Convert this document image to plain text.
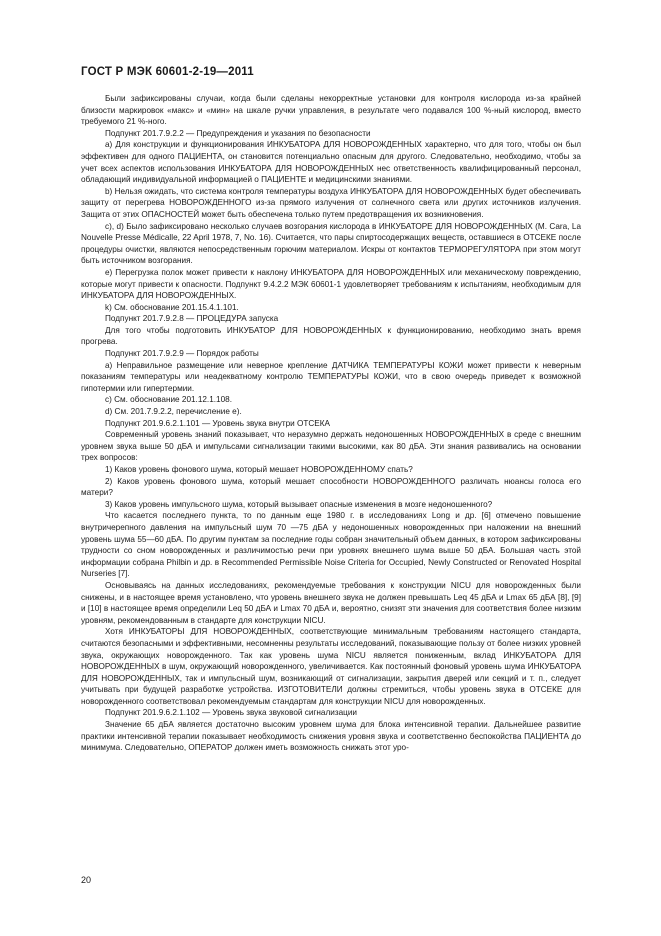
ГОСТ Р МЭК 60601-2-19—2011

Были зафиксированы случаи, когда были сделаны некорректные установки для контроля кислорода из-за крайней близости маркировок «макс» и «мин» на шкале ручки управления, в результате чего подавался 100 %-ный кислород, вместо требуемого 21 %-ного.

Подпункт 201.7.9.2.2 — Предупреждения и указания по безопасности

а) Для конструкции и функционирования ИНКУБАТОРА ДЛЯ НОВОРОЖДЕННЫХ характерно, что для того, чтобы он был эффективен для одного ПАЦИЕНТА, он становится потенциально опасным для другого. Следовательно, необходимо, чтобы за учет всех аспектов использования ИНКУБАТОРА ДЛЯ НОВОРОЖДЕННЫХ нес ответственность квалифицированный персонал, обладающий индивидуальной информацией о ПАЦИЕНТЕ и медицинскими знаниями.

b) Нельзя ожидать, что система контроля температуры воздуха ИНКУБАТОРА ДЛЯ НОВОРОЖДЕННЫХ будет обеспечивать защиту от перегрева НОВОРОЖДЕННОГО из-за прямого излучения от солнечного света или других источников излучения. Защита от этих ОПАСНОСТЕЙ может быть обеспечена только путем предотвращения их возникновения.

с), d) Было зафиксировано несколько случаев возгорания кислорода в ИНКУБАТОРЕ ДЛЯ НОВОРОЖДЕННЫХ (M. Cara, La Nouvelle Presse Médicalle, 22 April 1978, 7, No. 16). Считается, что пары спиртосодержащих веществ, оставшиеся в ОТСЕКЕ после процедуры очистки, являются непосредственным горючим материалом. Искры от контактов ТЕРМОРЕГУЛЯТОРА при этом могут быть источником возгорания.

е) Перегрузка полок может привести к наклону ИНКУБАТОРА ДЛЯ НОВОРОЖДЕННЫХ или механическому повреждению, которые могут привести к опасности. Подпункт 9.4.2.2 МЭК 60601-1 удовлетворяет требованиям к испытаниям, необходимым для ИНКУБАТОРА ДЛЯ НОВОРОЖДЕННЫХ.

k) См. обоснование 201.15.4.1.101.

Подпункт 201.7.9.2.8 — ПРОЦЕДУРА запуска

Для того чтобы подготовить ИНКУБАТОР ДЛЯ НОВОРОЖДЕННЫХ к функционированию, необходимо знать время прогрева.

Подпункт 201.7.9.2.9 — Порядок работы

а) Неправильное размещение или неверное крепление ДАТЧИКА ТЕМПЕРАТУРЫ КОЖИ может привести к неверным показаниям температуры или неадекватному контролю ТЕМПЕРАТУРЫ КОЖИ, что в свою очередь приведет к возможной гипотермии или гипертермии.

с) См. обоснование 201.12.1.108.

d) См. 201.7.9.2.2, перечисление е).

Подпункт 201.9.6.2.1.101 — Уровень звука внутри ОТСЕКА

Современный уровень знаний показывает, что неразумно держать недоношенных НОВОРОЖДЕННЫХ в среде с внешним уровнем звука выше 50 дБА и импульсами сигнализации такими высокими, как 80 дБА. Эти знания развивались на основании трех вопросов:

1) Каков уровень фонового шума, который мешает НОВОРОЖДЕННОМУ спать?

2) Каков уровень фонового шума, который мешает способности НОВОРОЖДЕННОГО различать нюансы голоса его матери?

3) Каков уровень импульсного шума, который вызывает опасные изменения в мозге недоношенного?

Что касается последнего пункта, то по данным еще 1980 г. в исследованиях Long и др. [6] отмечено повышение внутричерепного давления на импульсный шум 70 —75 дБА у недоношенных новорожденных при наложении на внешний уровень шума 55—60 дБА. По другим пунктам за последние годы собран значительный объем данных, в котором зафиксированы трудности со сном новорожденных и различимостью речи при уровнях внешнего шума выше 50 дБА. Большая часть этой информации собрана Philbin и др. в Recommended Permissible Noise Criteria for Occupied, Newly Constructed or Renovated Hospital Nurseries [7].

Основываясь на данных исследованиях, рекомендуемые требования к конструкции NICU для новорожденных были снижены, и в настоящее время установлено, что уровень внешнего звука не должен превышать Leq 45 дБА и Lmax 65 дБА [8], [9] и [10] в настоящее время определили Leq 50 дБА и Lmax 70 дБА и, вероятно, снизят эти значения для соответствия более низким уровням, рекомендованным в стандарте для конструкции NICU.

Хотя ИНКУБАТОРЫ ДЛЯ НОВОРОЖДЕННЫХ, соответствующие минимальным требованиям настоящего стандарта, считаются безопасными и эффективными, несомненны результаты исследований, показывающие пользу от более низких уровней звука, окружающих новорожденного. Так как уровень шума NICU является пониженным, вклад ИНКУБАТОРА ДЛЯ НОВОРОЖДЕННЫХ в шум, окружающий новорожденного, увеличивается. Как постоянный фоновый уровень шума ИНКУБАТОРА ДЛЯ НОВОРОЖДЕННЫХ, так и импульсный шум, возникающий от сигнализации, закрытия дверей или секций и т. п., следует учитывать при будущей разработке устройства. ИЗГОТОВИТЕЛИ должны стремиться, чтобы уровень звука в ОТСЕКЕ для новорожденного соответствовал рекомендуемым стандартам для конструкции NICU для новорожденных.

Подпункт 201.9.6.2.1.102 — Уровень звука звуковой сигнализации

Значение 65 дБА является достаточно высоким уровнем шума для блока интенсивной терапии. Дальнейшее развитие практики интенсивной терапии показывает необходимость снижения уровня звука и соответственно беспокойства ПАЦИЕНТА до минимума. Следовательно, ОПЕРАТОР должен иметь возможность снижать этот уро-

20
